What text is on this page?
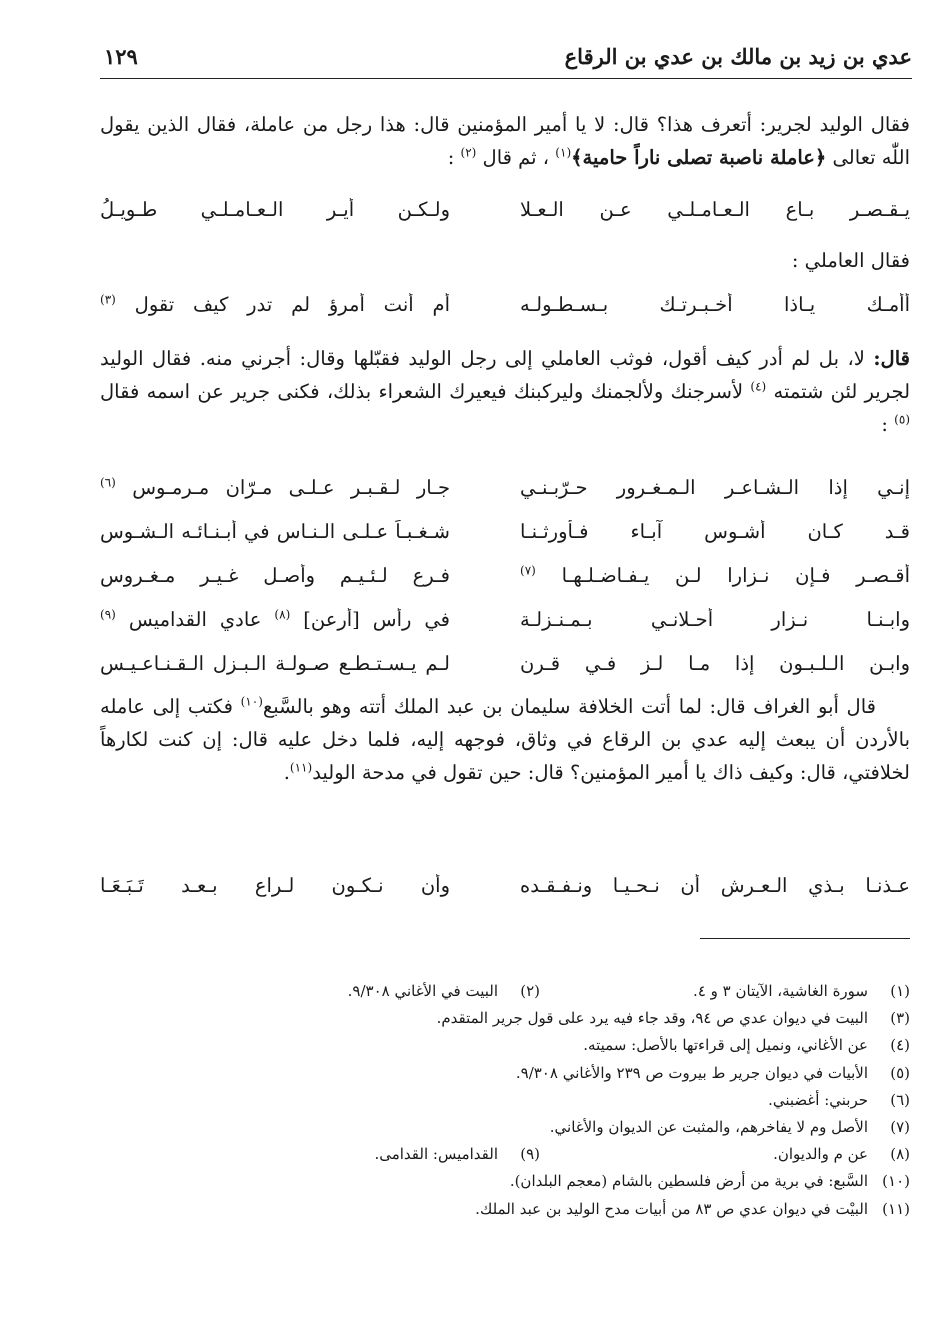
عدي بن زيد بن مالك بن عدي بن الرقاع
١٢٩
فقال الوليد لجرير: أتعرف هذا؟ قال: لا يا أمير المؤمنين قال: هذا رجل من عاملة، فقال الذين يقول اللّٰه تعالى ﴿عاملة ناصبة تصلى ناراً حامية﴾$^{(١)}$ ، ثم قال $^{(٢)}$ :
يـقـصـر بـاع الـعـامـلـي عـن الـعـلا
ولـكـن أيـر الـعـامـلـي طـويـلُ
فقال العاملي :
أأمـك يـاذا أخـبـرتـك بـسـطـولـه
أم أنت أمرؤ لم تدر كيف تقول $^{(٣)}$
قال: لا، بل لم أدر كيف أقول، فوثب العاملي إلى رجل الوليد فقبّلها وقال: أجرني منه. فقال الوليد لجرير لئن شتمته $^{(٤)}$ لأسرجنك ولألجمنك وليركبنك فيعيرك الشعراء بذلك، فكنى جرير عن اسمه فقال $^{(٥)}$ :
إنـي إذا الـشـاعـر الـمـغـرور حـرّبـنـي
جـار لـقـبـر عـلـى مـرّان مـرمـوس $^{(٦)}$
قـد كـان أشـوس آبـاء فـأورثـنـا
شـغـبـاً عـلـى الـنـاس في أبـنـائـه الـشـوس
أقـصـر فـإن نـزارا لـن يـفـاضـلـهـا $^{(٧)}$
فـرع لـئـيـم وأصـل غـيـر مـغـروس
وابـنـا نـزار أحـلانـي بـمـنـزلـة
في رأس [أرعن] $^{(٨)}$ عادي القداميس $^{(٩)}$
وابـن الـلـبـون إذا مـا لـز فـي قـرن
لـم يـسـتـطـع صـولـة الـبـزل الـقـنـاعـيـس
قال أبو الغراف قال: لما أتت الخلافة سليمان بن عبد الملك أتته وهو بالسَّبع$^{(١٠)}$ فكتب إلى عامله بالأردن أن يبعث إليه عدي بن الرقاع في وثاق، فوجهه إليه، فلما دخل عليه قال: إن كنت لكارهاً لخلافتي، قال: وكيف ذاك يا أمير المؤمنين؟ قال: حين تقول في مدحة الوليد$^{(١١)}$.
عـذنـا بـذي الـعـرش أن نـحـيـا ونـفـقـده
وأن نـكـون لـراعٍ بـعـد تَـبَـعَـا
(١)سورة الغاشية، الآيتان ٣ و ٤.
(٢)البيت في الأغاني ٩/٣٠٨.
(٣)البيت في ديوان عدي ص ٩٤، وقد جاء فيه يرد على قول جرير المتقدم.
(٤)عن الأغاني، ونميل إلى قراءتها بالأصل: سميته.
(٥)الأبيات في ديوان جرير ط بيروت ص ٢٣٩ والأغاني ٩/٣٠٨.
(٦)حربني: أغضبني.
(٧)الأصل وم لا يفاخرهم، والمثبت عن الديوان والأغاني.
(٨)عن م والديوان.
(٩)القداميس: القدامى.
(١٠)السَّبع: في برية من أرض فلسطين بالشام (معجم البلدان).
(١١)البيْت في ديوان عدي ص ٨٣ من أبيات مدح الوليد بن عبد الملك.
